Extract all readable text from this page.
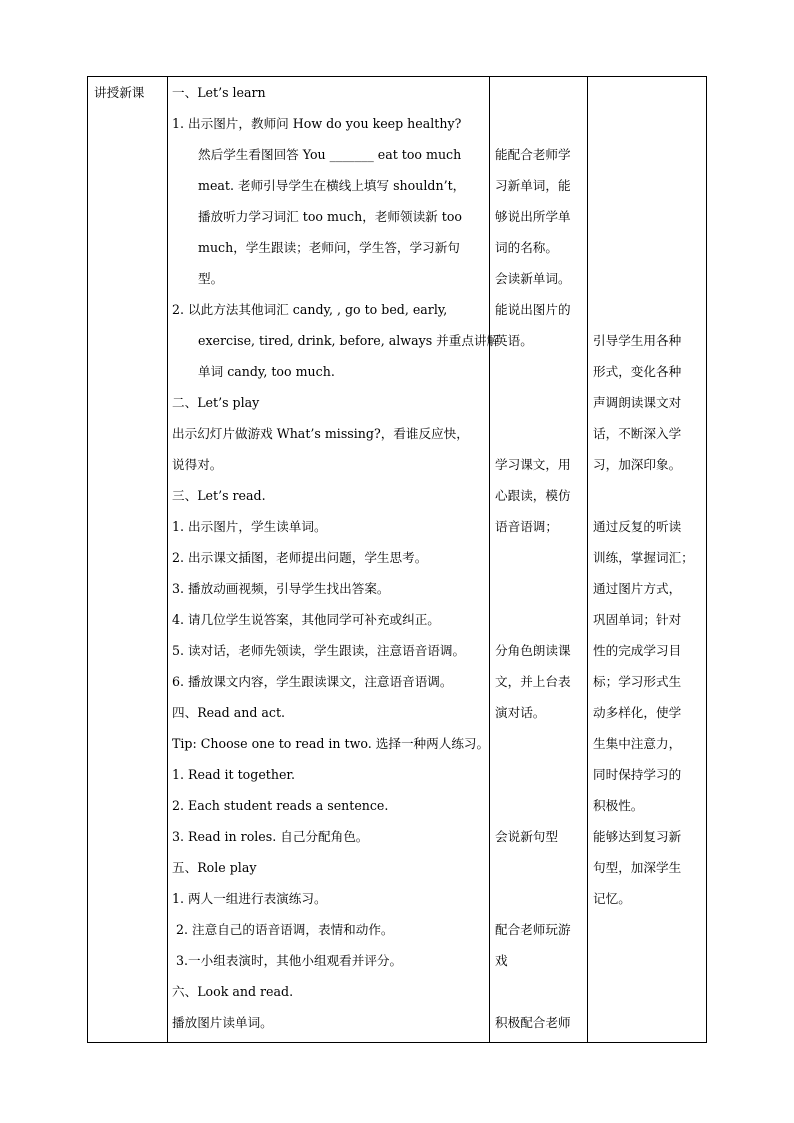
讲授新课 一、Let’s learn
1. 出示图片，教师问 How do you keep healthy?
然后学生看图回答 You _______ eat too much
meat. 老师引导学生在横线上填写 shouldn’t，
播放听力学习词汇 too much，老师领读新 too
much，学生跟读；老师问，学生答，学习新句
型。
2. 以此方法其他词汇 candy, , go to bed, early,
exercise, tired, drink, before, always 并重点讲解
单词 candy, too much.
二、Let’s play
出示幻灯片做游戏 What’s missing?，看谁反应快，
说得对。
三、Let’s read.
1. 出示图片，学生读单词。
2. 出示课文插图，老师提出问题，学生思考。
3. 播放动画视频，引导学生找出答案。
4. 请几位学生说答案，其他同学可补充或纠正。
5. 读对话，老师先领读，学生跟读，注意语音语调。
6. 播放课文内容，学生跟读课文，注意语音语调。
四、Read and act.
Tip: Choose one to read in two. 选择一种两人练习。
1. Read it together.
2. Each student reads a sentence.
3. Read in roles. 自己分配角色。
五、Role play
1. 两人一组进行表演练习。
2. 注意自己的语音语调，表情和动作。
3.一小组表演时，其他小组观看并评分。
六、Look and read.
播放图片读单词。
能配合老师学
习新单词，能
够说出所学单
词的名称。
会读新单词。
能说出图片的
英语。
学习课文，用
心跟读，模仿
语音语调；
分角色朗读课
文，并上台表
演对话。
会说新句型
配合老师玩游
戏
积极配合老师
引导学生用各种
形式，变化各种
声调朗读课文对
话，不断深入学
习，加深印象。
通过反复的听读
训练，掌握词汇；
通过图片方式，
巩固单词；针对
性的完成学习目
标；学习形式生
动多样化，使学
生集中注意力，
同时保持学习的
积极性。
能够达到复习新
句型，加深学生
记忆。
